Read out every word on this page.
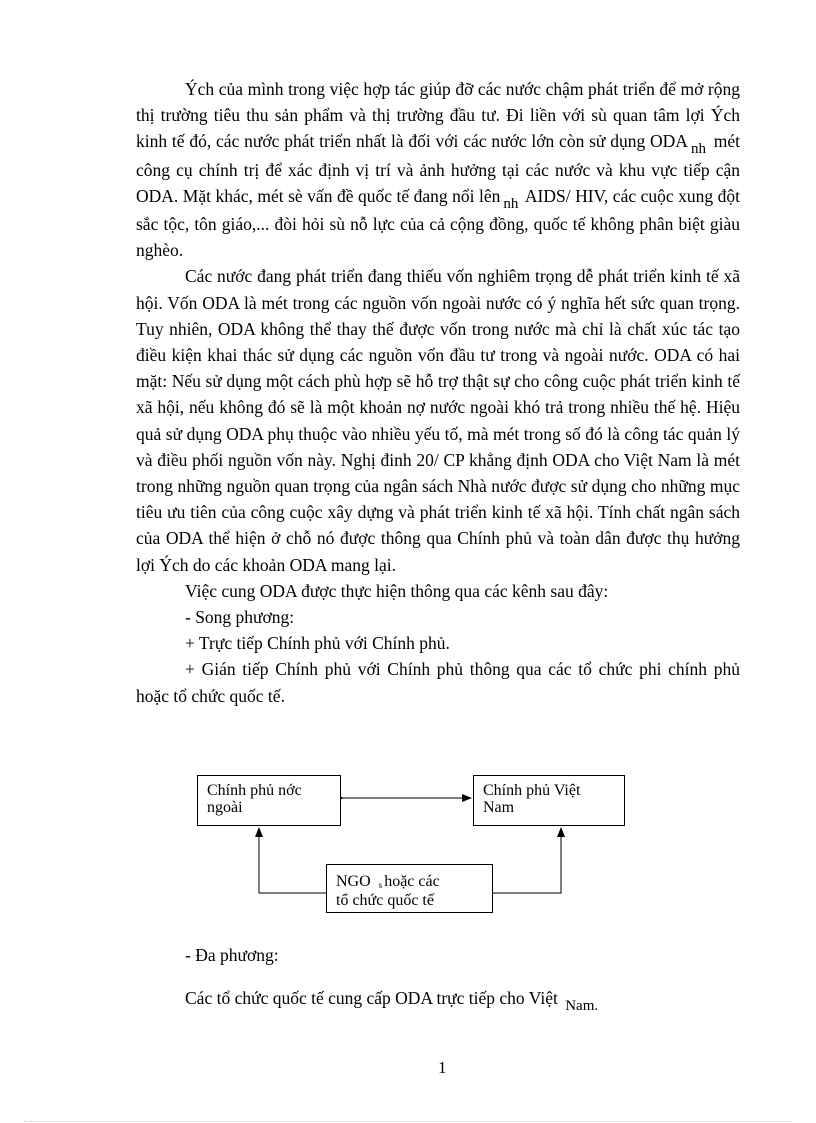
Ých của mình trong việc hợp tác giúp đỡ các nước chậm phát triển để mở rộng thị trường tiêu thu sản phẩm và thị trường đầu tư. Đi liền với sù quan tâm lợi Ých kinh tế đó, các nước phát triển nhất là đối với các nước lớn còn sử dụng ODA nh mét công cụ chính trị để xác định vị trí và ảnh hưởng tại các nước và khu vực tiếp cận ODA. Mặt khác, mét sè vấn đề quốc tế đang nổi lên nh AIDS/ HIV, các cuộc xung đột sắc tộc, tôn giáo,... đòi hỏi sù nỗ lực của cả cộng đồng, quốc tế không phân biệt giàu nghèo.

Các nước đang phát triển đang thiếu vốn nghiêm trọng dễ phát triển kinh tế xã hội. Vốn ODA là mét trong các nguồn vốn ngoài nước có ý nghĩa hết sức quan trọng. Tuy nhiên, ODA không thể thay thế được vốn trong nước mà chỉ là chất xúc tác tạo điều kiện khai thác sử dụng các nguồn vốn đầu tư trong và ngoài nước. ODA có hai mặt: Nếu sử dụng một cách phù hợp sẽ hỗ trợ thật sự cho công cuộc phát triển kinh tế xã hội, nếu không đó sẽ là một khoản nợ nước ngoài khó trả trong nhiều thế hệ. Hiệu quả sử dụng ODA phụ thuộc vào nhiều yếu tố, mà mét trong số đó là công tác quản lý và điều phối nguồn vốn này. Nghị đinh 20/ CP khẳng định ODA cho Việt Nam là mét trong những nguồn quan trọng của ngân sách Nhà nước được sử dụng cho những mục tiêu ưu tiên của công cuộc xây dựng và phát triển kinh tế xã hội. Tính chất ngân sách của ODA thể hiện ở chỗ nó được thông qua Chính phủ và toàn dân được thụ hưởng lợi Ých do các khoản ODA mang lại.

Việc cung ODA được thực hiện thông qua các kênh sau đây:

- Song phương:

+ Trực tiếp Chính phủ với Chính phủ.

+ Gián tiếp Chính phủ với Chính phủ thông qua các tổ chức phi chính phủ hoặc tổ chức quốc tế.

Chính phủ nớc
ngoài
Chính phủ Việt
Nam
NGO s hoặc các
tổ chức quốc tế
- Đa phương:
Các tổ chức quốc tế cung cấp ODA trực tiếp cho Việt Nam.
1
